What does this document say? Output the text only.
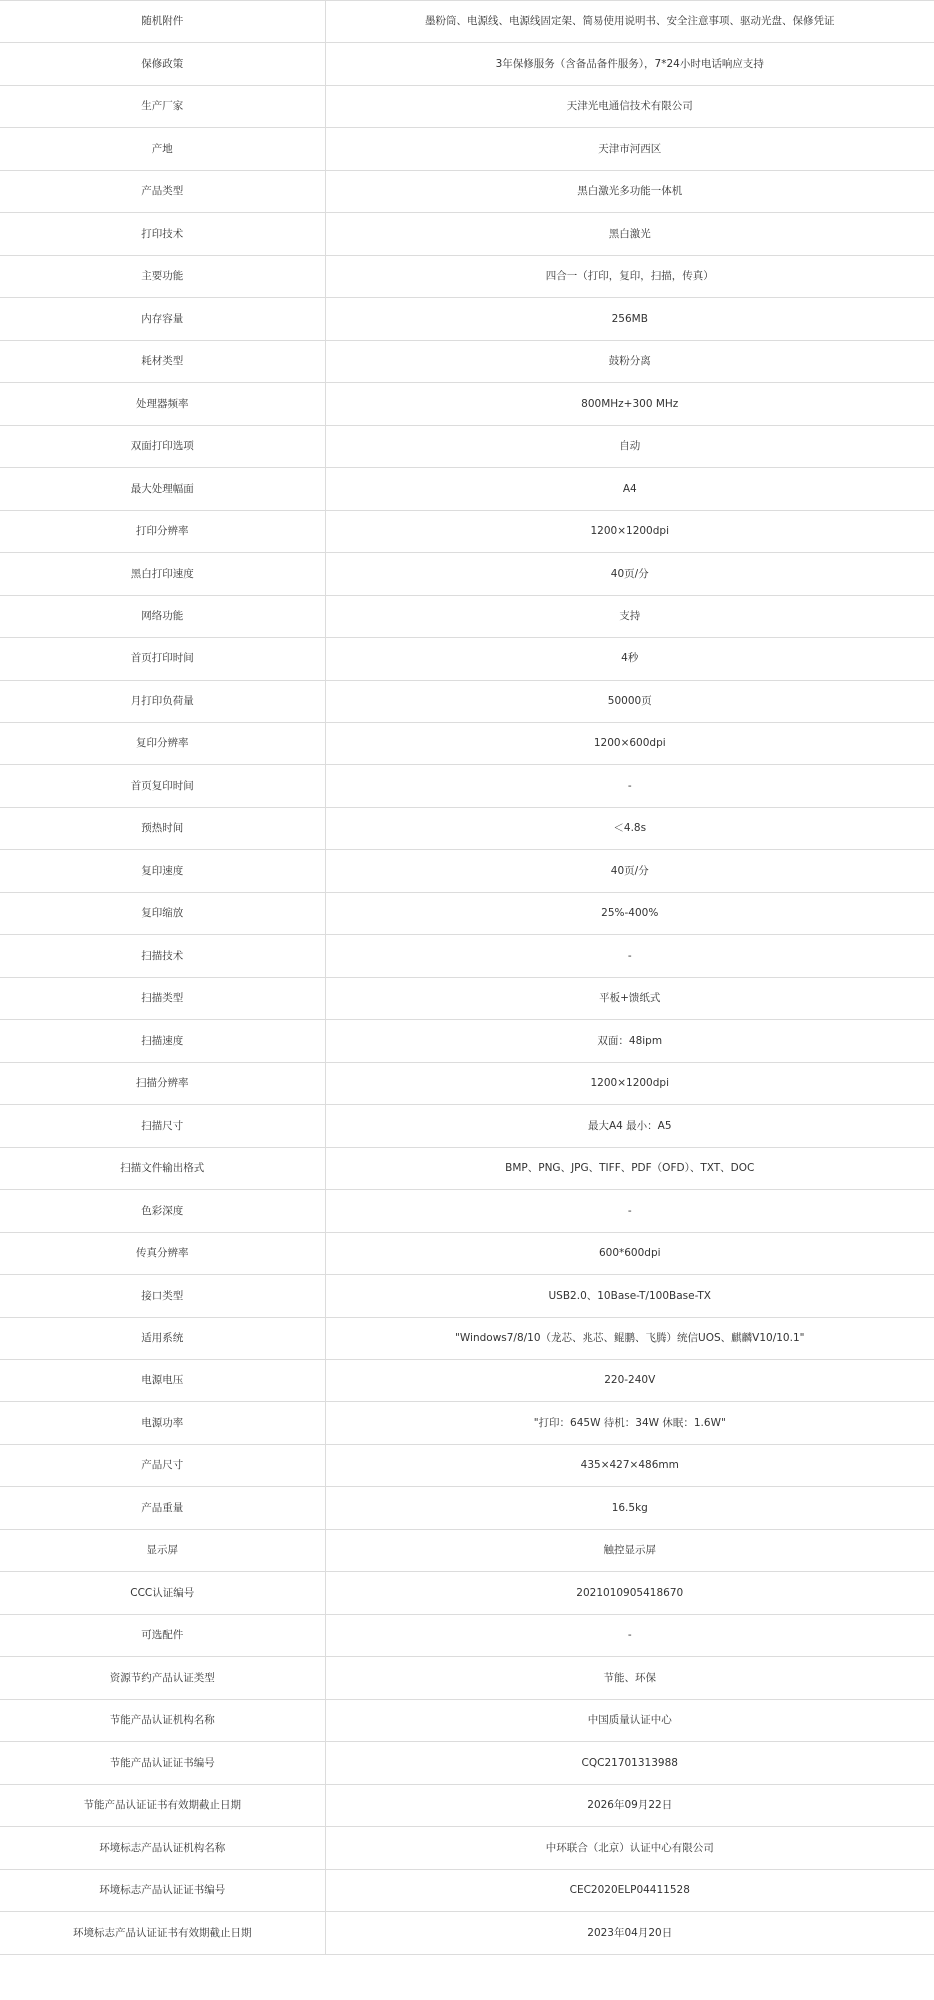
随机附件	墨粉筒、电源线、电源线固定架、简易使用说明书、安全注意事项、驱动光盘、保修凭证
保修政策	3年保修服务（含备品备件服务），7*24小时电话响应支持
生产厂家	天津光电通信技术有限公司
产地	天津市河西区
产品类型	黑白激光多功能一体机
打印技术	黑白激光
主要功能	四合一（打印，复印，扫描，传真）
内存容量	256MB
耗材类型	鼓粉分离
处理器频率	800MHz+300 MHz
双面打印选项	自动
最大处理幅面	A4
打印分辨率	1200×1200dpi
黑白打印速度	40页/分
网络功能	支持
首页打印时间	4秒
月打印负荷量	50000页
复印分辨率	1200×600dpi
首页复印时间	-
预热时间	＜4.8s
复印速度	40页/分
复印缩放	25%-400%
扫描技术	-
扫描类型	平板+馈纸式
扫描速度	双面：48ipm
扫描分辨率	1200×1200dpi
扫描尺寸	最大A4 最小：A5
扫描文件输出格式	BMP、PNG、JPG、TIFF、PDF（OFD）、TXT、DOC
色彩深度	-
传真分辨率	600*600dpi
接口类型	USB2.0、10Base-T/100Base-TX
适用系统	"Windows7/8/10（龙芯、兆芯、鲲鹏、飞腾）统信UOS、麒麟V10/10.1"
电源电压	220-240V
电源功率	"打印：645W 待机：34W 休眠：1.6W"
产品尺寸	435×427×486mm
产品重量	16.5kg
显示屏	触控显示屏
CCC认证编号	2021010905418670
可选配件	-
资源节约产品认证类型	节能、环保
节能产品认证机构名称	中国质量认证中心
节能产品认证证书编号	CQC21701313988
节能产品认证证书有效期截止日期	2026年09月22日
环境标志产品认证机构名称	中环联合（北京）认证中心有限公司
环境标志产品认证证书编号	CEC2020ELP04411528
环境标志产品认证证书有效期截止日期	2023年04月20日
